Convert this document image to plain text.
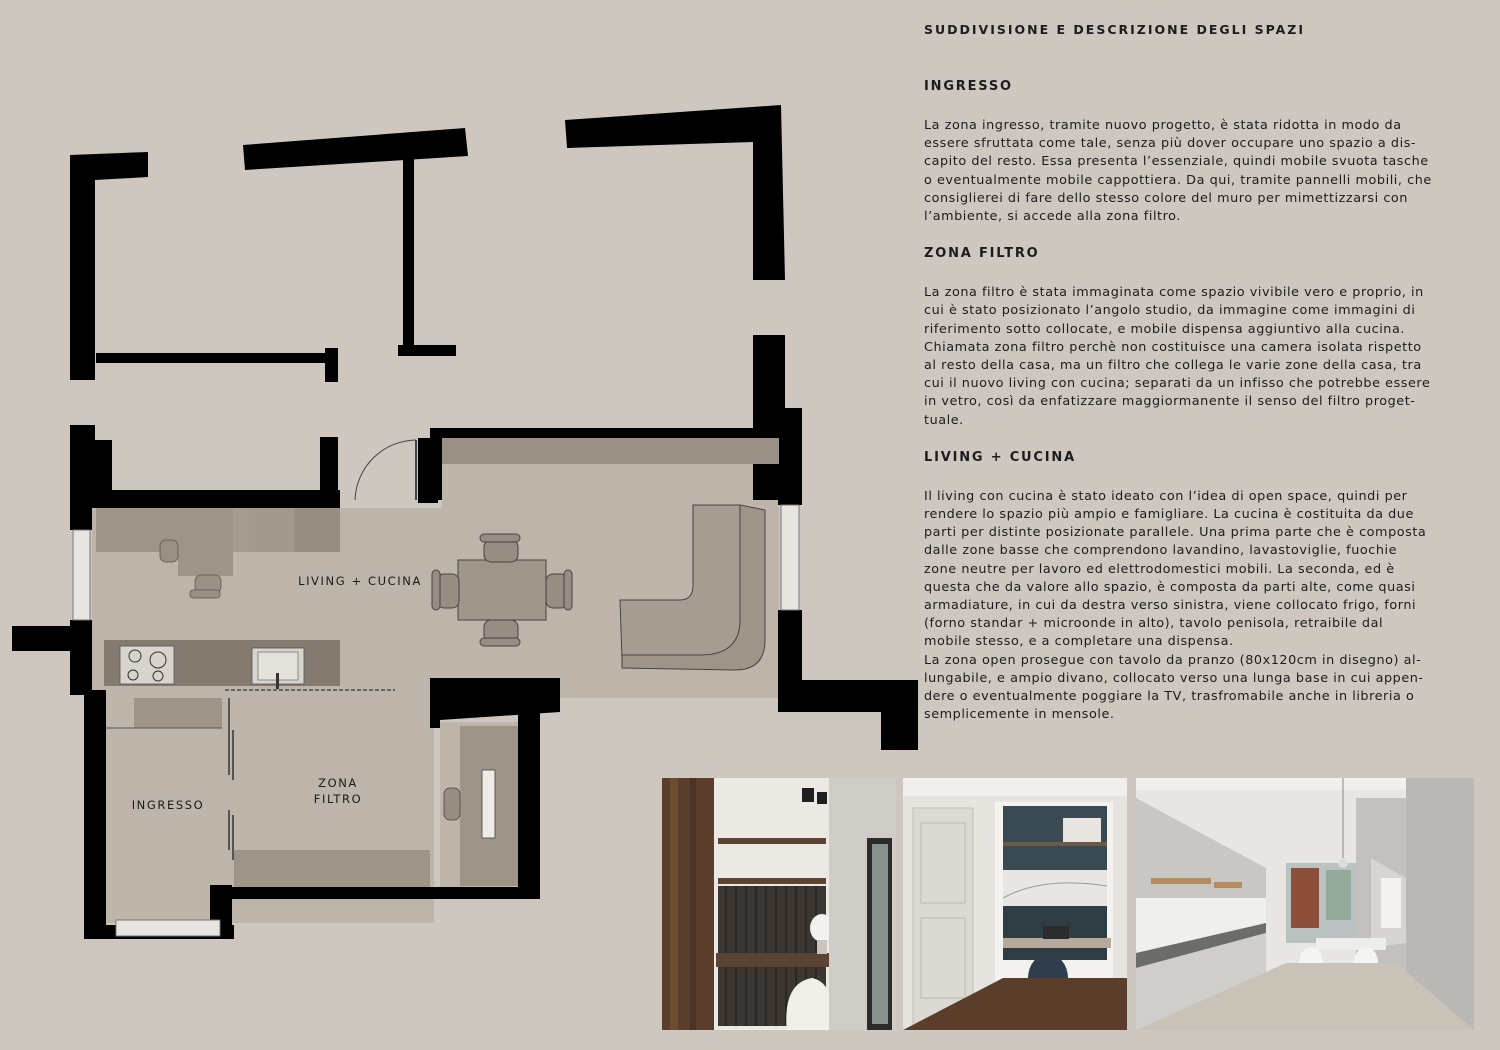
LIVING + CUCINA
ZONA
FILTRO
INGRESSO
SUDDIVISIONE E DESCRIZIONE DEGLI SPAZI
INGRESSO

La zona ingresso, tramite nuovo progetto, è stata ridotta in modo da
essere sfruttata come tale, senza più dover occupare uno spazio a dis-
capito del resto. Essa presenta l’essenziale, quindi mobile svuota tasche
o eventualmente mobile cappottiera. Da qui, tramite pannelli mobili, che
consiglierei di fare dello stesso colore del muro per mimettizzarsi con
l’ambiente, si accede alla zona filtro.

ZONA FILTRO

La zona filtro è stata immaginata come spazio vivibile vero e proprio, in
cui è stato posizionato l’angolo studio, da immagine come immagini di
riferimento sotto collocate, e mobile dispensa aggiuntivo alla cucina.
Chiamata zona filtro perchè non costituisce una camera isolata rispetto
al resto della casa, ma un filtro che collega le varie zone della casa, tra
cui il nuovo living con cucina; separati da un infisso che potrebbe essere
in vetro, così da enfatizzare maggiormanente il senso del filtro proget-
tuale.

LIVING + CUCINA

Il living con cucina è stato ideato con l’idea di open space, quindi per
rendere lo spazio più ampio e famigliare. La cucina è costituita da due
parti per distinte posizionate parallele. Una prima parte che è composta
dalle zone basse che comprendono lavandino, lavastoviglie, fuochie
zone neutre per lavoro ed elettrodomestici mobili. La seconda, ed è
questa che da valore allo spazio, è composta da parti alte, come quasi
armadiature, in cui da destra verso sinistra, viene collocato frigo, forni
(forno standar + microonde in alto), tavolo penisola, retraibile dal
mobile stesso, e a completare una dispensa.
La zona open prosegue con tavolo da pranzo (80x120cm in disegno) al-
lungabile, e ampio divano, collocato verso una lunga base in cui appen-
dere o eventualmente poggiare la TV, trasfromabile anche in libreria o
semplicemente in mensole.
